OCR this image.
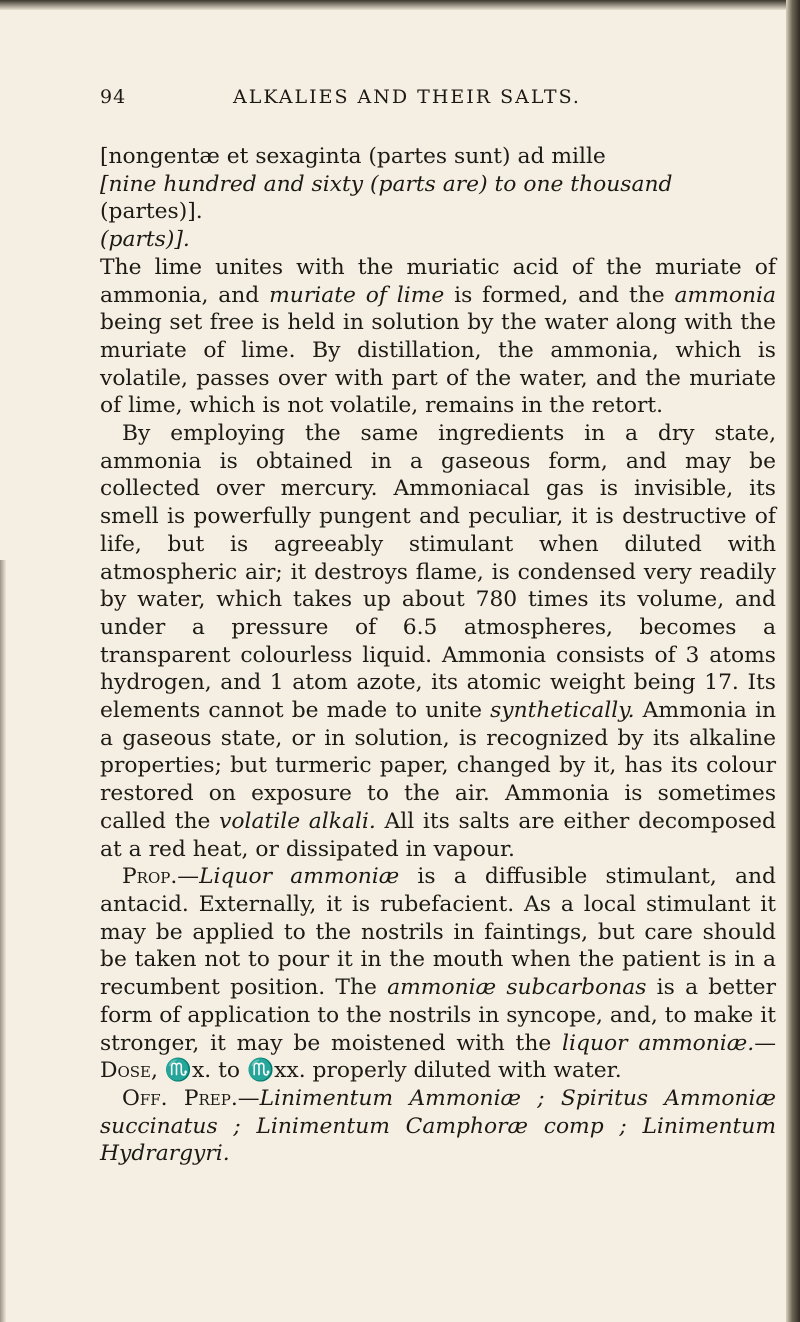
94	ALKALIES AND THEIR SALTS.

[nongentæ et sexaginta (partes sunt) ad mille

[nine hundred and sixty (parts are) to one thousand

(partes)].

(parts)].

The lime unites with the muriatic acid of the muriate of ammonia, and muriate of lime is formed, and the ammonia being set free is held in solution by the water along with the muriate of lime. By distillation, the ammonia, which is volatile, passes over with part of the water, and the muriate of lime, which is not volatile, remains in the retort.

By employing the same ingredients in a dry state, ammonia is obtained in a gaseous form, and may be collected over mercury. Ammoniacal gas is invisible, its smell is powerfully pungent and peculiar, it is destructive of life, but is agreeably stimulant when diluted with atmospheric air; it destroys flame, is condensed very readily by water, which takes up about 780 times its volume, and under a pressure of 6.5 atmospheres, becomes a transparent colourless liquid. Ammonia consists of 3 atoms hydrogen, and 1 atom azote, its atomic weight being 17. Its elements cannot be made to unite synthetically. Ammonia in a gaseous state, or in solution, is recognized by its alkaline properties; but turmeric paper, changed by it, has its colour restored on exposure to the air. Ammonia is sometimes called the volatile alkali. All its salts are either decomposed at a red heat, or dissipated in vapour.

Prop.—Liquor ammoniæ is a diffusible stimulant, and antacid. Externally, it is rubefacient. As a local stimulant it may be applied to the nostrils in faintings, but care should be taken not to pour it in the mouth when the patient is in a recumbent position. The ammoniæ subcarbonas is a better form of application to the nostrils in syncope, and, to make it stronger, it may be moistened with the liquor ammoniæ.—Dose, ♏x. to ♏xx. properly diluted with water.

Off. Prep.—Linimentum Ammoniæ ; Spiritus Ammoniæ succinatus ; Linimentum Camphoræ comp ; Linimentum Hydrargyri.
